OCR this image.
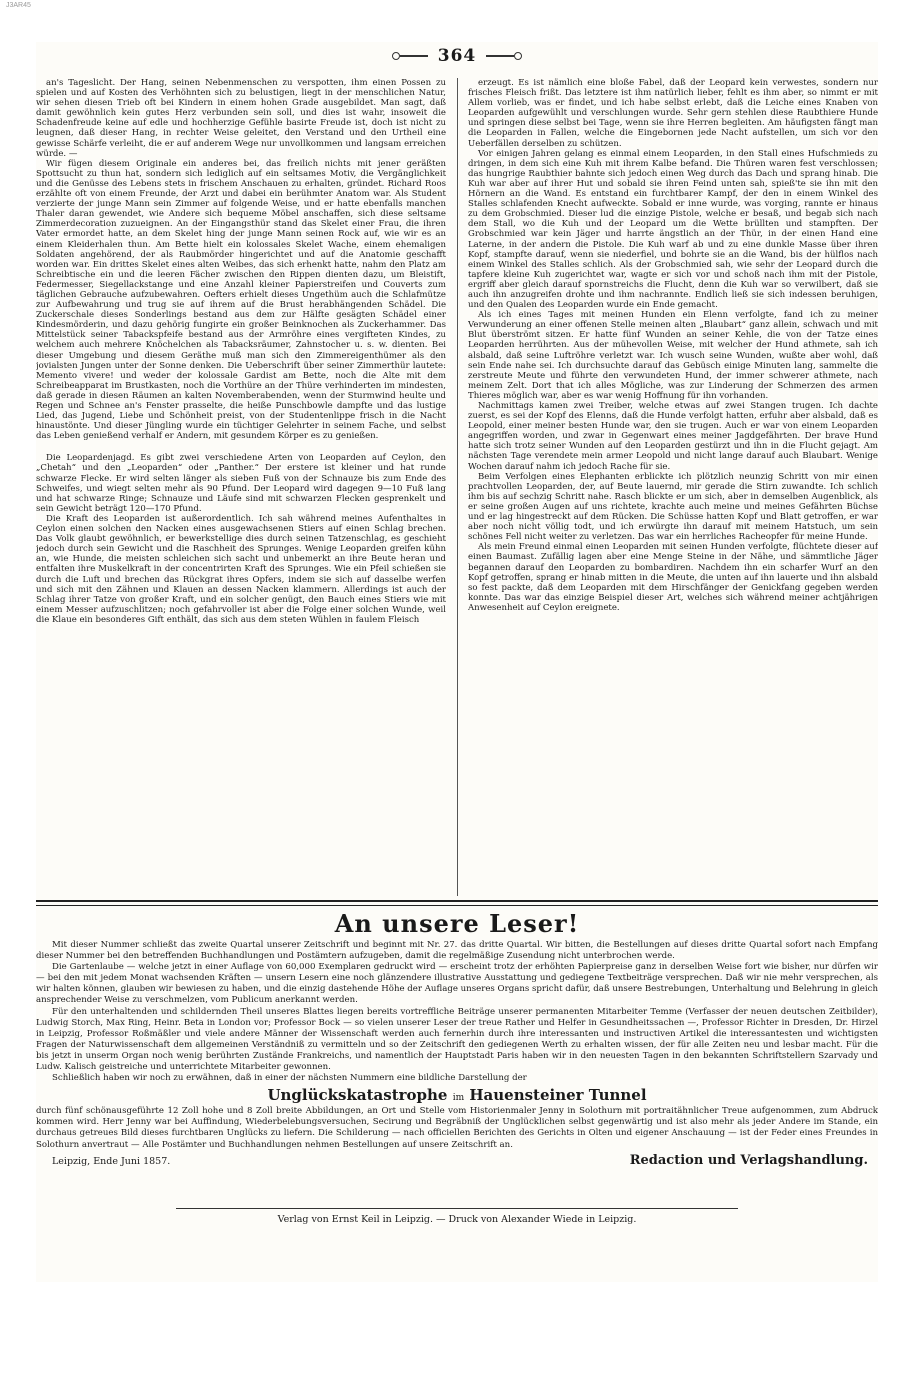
J3AR45
364

an's Tageslicht. Der Hang, seinen Nebenmenschen zu verspotten, ihm einen Possen zu spielen und auf Kosten des Verhöhnten sich zu belustigen, liegt in der menschlichen Natur, wir sehen diesen Trieb oft bei Kindern in einem hohen Grade ausgebildet. Man sagt, daß damit gewöhnlich kein gutes Herz verbunden sein soll, und dies ist wahr, insoweit die Schadenfreude keine auf edle und hochherzige Gefühle basirte Freude ist, doch ist nicht zu leugnen, daß dieser Hang, in rechter Weise geleitet, den Verstand und den Urtheil eine gewisse Schärfe verleiht, die er auf anderem Wege nur unvollkommen und langsam erreichen würde. —

Wir fügen diesem Originale ein anderes bei, das freilich nichts mit jener geräßten Spottsucht zu thun hat, sondern sich lediglich auf ein seltsames Motiv, die Vergänglichkeit und die Genüsse des Lebens stets in frischem Anschauen zu erhalten, gründet. Richard Roos erzählte oft von einem Freunde, der Arzt und dabei ein berühmter Anatom war. Als Student verzierte der junge Mann sein Zimmer auf folgende Weise, und er hatte ebenfalls manchen Thaler daran gewendet, wie Andere sich bequeme Möbel anschaffen, sich diese seltsame Zimmerdecoration zuzueignen. An der Eingangsthür stand das Skelet einer Frau, die ihren Vater ermordet hatte, an dem Skelet hing der junge Mann seinen Rock auf, wie wir es an einem Kleiderhalen thun. Am Bette hielt ein kolossales Skelet Wache, einem ehemaligen Soldaten angehörend, der als Raubmörder hingerichtet und auf die Anatomie geschafft worden war. Ein drittes Skelet eines alten Weibes, das sich erhenkt hatte, nahm den Platz am Schreibtische ein und die leeren Fächer zwischen den Rippen dienten dazu, um Bleistift, Federmesser, Siegellackstange und eine Anzahl kleiner Papierstreifen und Couverts zum täglichen Gebrauche aufzubewahren. Oefters erhielt dieses Ungethüm auch die Schlafmütze zur Aufbewahrung und trug sie auf ihrem auf die Brust herabhängenden Schädel. Die Zuckerschale dieses Sonderlings bestand aus dem zur Hälfte gesägten Schädel einer Kindesmörderin, und dazu gehörig fungirte ein großer Beinknochen als Zuckerhammer. Das Mittelstück seiner Tabackspfeife bestand aus der Armröhre eines vergifteten Kindes, zu welchem auch mehrere Knöchelchen als Tabacksräumer, Zahnstocher u. s. w. dienten. Bei dieser Umgebung und diesem Geräthe muß man sich den Zimmereigenthümer als den jovialsten Jungen unter der Sonne denken. Die Ueberschrift über seiner Zimmerthür lautete: Memento vivere! und weder der kolossale Gardist am Bette, noch die Alte mit dem Schreibeapparat im Brustkasten, noch die Vorthüre an der Thüre verhinderten im mindesten, daß gerade in diesen Räumen an kalten Novemberabenden, wenn der Sturmwind heulte und Regen und Schnee an's Fenster prasselte, die heiße Punschbowle dampfte und das lustige Lied, das Jugend, Liebe und Schönheit preist, von der Studentenlippe frisch in die Nacht hinaustönte. Und dieser Jüngling wurde ein tüchtiger Gelehrter in seinem Fache, und selbst das Leben genießend verhalf er Andern, mit gesundem Körper es zu genießen.

Die Leopardenjagd. Es gibt zwei verschiedene Arten von Leoparden auf Ceylon, den „Chetah“ und den „Leoparden“ oder „Panther.“ Der erstere ist kleiner und hat runde schwarze Flecke. Er wird selten länger als sieben Fuß von der Schnauze bis zum Ende des Schweifes, und wiegt selten mehr als 90 Pfund. Der Leopard wird dagegen 9—10 Fuß lang und hat schwarze Ringe; Schnauze und Läufe sind mit schwarzen Flecken gesprenkelt und sein Gewicht beträgt 120—170 Pfund.

Die Kraft des Leoparden ist außerordentlich. Ich sah während meines Aufenthaltes in Ceylon einen solchen den Nacken eines ausgewachsenen Stiers auf einen Schlag brechen. Das Volk glaubt gewöhnlich, er bewerkstellige dies durch seinen Tatzenschlag, es geschieht jedoch durch sein Gewicht und die Raschheit des Sprunges. Wenige Leoparden greifen kühn an, wie Hunde, die meisten schleichen sich sacht und unbemerkt an ihre Beute heran und entfalten ihre Muskelkraft in der concentrirten Kraft des Sprunges. Wie ein Pfeil schießen sie durch die Luft und brechen das Rückgrat ihres Opfers, indem sie sich auf dasselbe werfen und sich mit den Zähnen und Klauen an dessen Nacken klammern. Allerdings ist auch der Schlag ihrer Tatze von großer Kraft, und ein solcher genügt, den Bauch eines Stiers wie mit einem Messer aufzuschlitzen; noch gefahrvoller ist aber die Folge einer solchen Wunde, weil die Klaue ein besonderes Gift enthält, das sich aus dem steten Wühlen in faulem Fleisch

erzeugt. Es ist nämlich eine bloße Fabel, daß der Leopard kein verwestes, sondern nur frisches Fleisch frißt. Das letztere ist ihm natürlich lieber, fehlt es ihm aber, so nimmt er mit Allem vorlieb, was er findet, und ich habe selbst erlebt, daß die Leiche eines Knaben von Leoparden aufgewühlt und verschlungen wurde. Sehr gern stehlen diese Raubthiere Hunde und springen diese selbst bei Tage, wenn sie ihre Herren begleiten. Am häufigsten fängt man die Leoparden in Fallen, welche die Eingebornen jede Nacht aufstellen, um sich vor den Ueberfällen derselben zu schützen.

Vor einigen Jahren gelang es einmal einem Leoparden, in den Stall eines Hufschmieds zu dringen, in dem sich eine Kuh mit ihrem Kalbe befand. Die Thüren waren fest verschlossen; das hungrige Raubthier bahnte sich jedoch einen Weg durch das Dach und sprang hinab. Die Kuh war aber auf ihrer Hut und sobald sie ihren Feind unten sah, spieß'te sie ihn mit den Hörnern an die Wand. Es entstand ein furchtbarer Kampf, der den in einem Winkel des Stalles schlafenden Knecht aufweckte. Sobald er inne wurde, was vorging, rannte er hinaus zu dem Grobschmied. Dieser lud die einzige Pistole, welche er besaß, und begab sich nach dem Stall, wo die Kuh und der Leopard um die Wette brüllten und stampften. Der Grobschmied war kein Jäger und harrte ängstlich an der Thür, in der einen Hand eine Laterne, in der andern die Pistole. Die Kuh warf ab und zu eine dunkle Masse über ihren Kopf, stampfte darauf, wenn sie niederfiel, und bohrte sie an die Wand, bis der hülflos nach einem Winkel des Stalles schlich. Als der Grobschmied sah, wie sehr der Leopard durch die tapfere kleine Kuh zugerichtet war, wagte er sich vor und schoß nach ihm mit der Pistole, ergriff aber gleich darauf spornstreichs die Flucht, denn die Kuh war so verwilbert, daß sie auch ihn anzugreifen drohte und ihm nachrannte. Endlich ließ sie sich indessen beruhigen, und den Qualen des Leoparden wurde ein Ende gemacht.

Als ich eines Tages mit meinen Hunden ein Elenn verfolgte, fand ich zu meiner Verwunderung an einer offenen Stelle meinen alten „Blaubart“ ganz allein, schwach und mit Blut überströmt sitzen. Er hatte fünf Wunden an seiner Kehle, die von der Tatze eines Leoparden herrührten. Aus der mühevollen Weise, mit welcher der Hund athmete, sah ich alsbald, daß seine Luftröhre verletzt war. Ich wusch seine Wunden, wußte aber wohl, daß sein Ende nahe sei. Ich durchsuchte darauf das Gebüsch einige Minuten lang, sammelte die zerstreute Meute und führte den verwundeten Hund, der immer schwerer athmete, nach meinem Zelt. Dort that ich alles Mögliche, was zur Linderung der Schmerzen des armen Thieres möglich war, aber es war wenig Hoffnung für ihn vorhanden.

Nachmittags kamen zwei Treiber, welche etwas auf zwei Stangen trugen. Ich dachte zuerst, es sei der Kopf des Elenns, daß die Hunde verfolgt hatten, erfuhr aber alsbald, daß es Leopold, einer meiner besten Hunde war, den sie trugen. Auch er war von einem Leoparden angegriffen worden, und zwar in Gegenwart eines meiner Jagdgefährten. Der brave Hund hatte sich trotz seiner Wunden auf den Leoparden gestürzt und ihn in die Flucht gejagt. Am nächsten Tage verendete mein armer Leopold und nicht lange darauf auch Blaubart. Wenige Wochen darauf nahm ich jedoch Rache für sie.

Beim Verfolgen eines Elephanten erblickte ich plötzlich neunzig Schritt von mir einen prachtvollen Leoparden, der, auf Beute lauernd, mir gerade die Stirn zuwandte. Ich schlich ihm bis auf sechzig Schritt nahe. Rasch blickte er um sich, aber in demselben Augenblick, als er seine großen Augen auf uns richtete, krachte auch meine und meines Gefährten Büchse und er lag hingestreckt auf dem Rücken. Die Schüsse hatten Kopf und Blatt getroffen, er war aber noch nicht völlig todt, und ich erwürgte ihn darauf mit meinem Hatstuch, um sein schönes Fell nicht weiter zu verletzen. Das war ein herrliches Racheopfer für meine Hunde.

Als mein Freund einmal einen Leoparden mit seinen Hunden verfolgte, flüchtete dieser auf einen Baumast. Zufällig lagen aber eine Menge Steine in der Nähe, und sämmtliche Jäger begannen darauf den Leoparden zu bombardiren. Nachdem ihn ein scharfer Wurf an den Kopf getroffen, sprang er hinab mitten in die Meute, die unten auf ihn lauerte und ihn alsbald so fest packte, daß dem Leoparden mit dem Hirschfänger der Genickfang gegeben werden konnte. Das war das einzige Beispiel dieser Art, welches sich während meiner achtjährigen Anwesenheit auf Ceylon ereignete.

An unsere Leser!

Mit dieser Nummer schließt das zweite Quartal unserer Zeitschrift und beginnt mit Nr. 27. das dritte Quartal. Wir bitten, die Bestellungen auf dieses dritte Quartal sofort nach Empfang dieser Nummer bei den betreffenden Buchhandlungen und Postämtern aufzugeben, damit die regelmäßige Zusendung nicht unterbrochen werde.

Die Gartenlaube — welche jetzt in einer Auflage von 60,000 Exemplaren gedruckt wird — erscheint trotz der erhöhten Papierpreise ganz in derselben Weise fort wie bisher, nur dürfen wir — bei den mit jedem Monat wachsenden Kräften — unsern Lesern eine noch glänzendere illustrative Ausstattung und gediegene Textbeiträge versprechen. Daß wir nie mehr versprechen, als wir halten können, glauben wir bewiesen zu haben, und die einzig dastehende Höhe der Auflage unseres Organs spricht dafür, daß unsere Bestrebungen, Unterhaltung und Belehrung in gleich ansprechender Weise zu verschmelzen, vom Publicum anerkannt werden.

Für den unterhaltenden und schildernden Theil unseres Blattes liegen bereits vortreffliche Beiträge unserer permanenten Mitarbeiter Temme (Verfasser der neuen deutschen Zeitbilder), Ludwig Storch, Max Ring, Heinr. Beta in London vor; Professor Bock — so vielen unserer Leser der treue Rather und Helfer in Gesundheitssachen —, Professor Richter in Dresden, Dr. Hirzel in Leipzig, Professor Roßmäßler und viele andere Männer der Wissenschaft werden auch fernerhin durch ihre interessanten und instructiven Artikel die interessantesten und wichtigsten Fragen der Naturwissenschaft dem allgemeinen Verständniß zu vermitteln und so der Zeitschrift den gediegenen Werth zu erhalten wissen, der für alle Zeiten neu und lesbar macht. Für die bis jetzt in unserm Organ noch wenig berührten Zustände Frankreichs, und namentlich der Hauptstadt Paris haben wir in den neuesten Tagen in den bekannten Schriftstellern Szarvady und Ludw. Kalisch geistreiche und unterrichtete Mitarbeiter gewonnen.

Schließlich haben wir noch zu erwähnen, daß in einer der nächsten Nummern eine bildliche Darstellung der

Unglückskatastrophe im Hauensteiner Tunnel

durch fünf schönausgeführte 12 Zoll hohe und 8 Zoll breite Abbildungen, an Ort und Stelle vom Historienmaler Jenny in Solothurn mit portraitähnlicher Treue aufgenommen, zum Abdruck kommen wird. Herr Jenny war bei Auffindung, Wiederbelebungsversuchen, Secirung und Begräbniß der Unglücklichen selbst gegenwärtig und ist also mehr als jeder Andere im Stande, ein durchaus getreues Bild dieses furchtbaren Unglücks zu liefern. Die Schilderung — nach officiellen Berichten des Gerichts in Olten und eigener Anschauung — ist der Feder eines Freundes in Solothurn anvertraut — Alle Postämter und Buchhandlungen nehmen Bestellungen auf unsere Zeitschrift an.

Leipzig, Ende Juni 1857.	Redaction und Verlagshandlung.
Verlag von Ernst Keil in Leipzig. — Druck von Alexander Wiede in Leipzig.
